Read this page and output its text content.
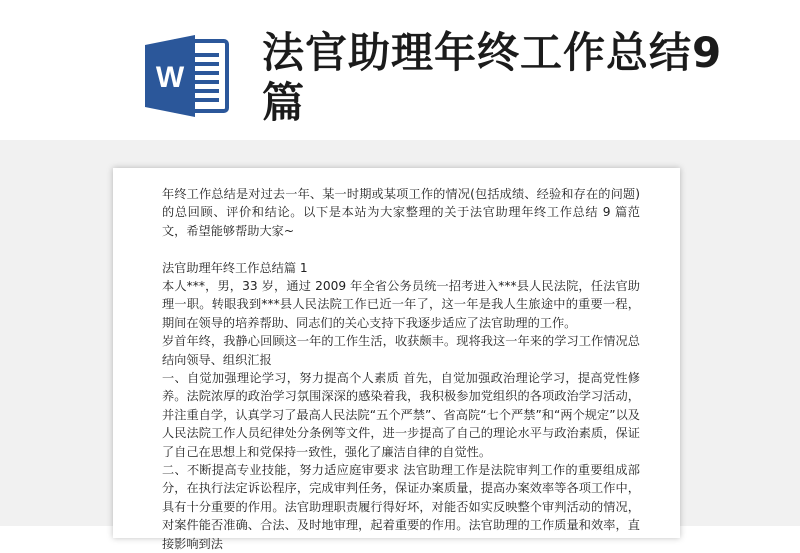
W
法官助理年终工作总结9篇

年终工作总结是对过去一年、某一时期或某项工作的情况(包括成绩、经验和存在的问题)的总回顾、评价和结论。以下是本站为大家整理的关于法官助理年终工作总结 9 篇范文，希望能够帮助大家~

法官助理年终工作总结篇 1

本人***，男，33 岁，通过 2009 年全省公务员统一招考进入***县人民法院，任法官助理一职。转眼我到***县人民法院工作已近一年了，这一年是我人生旅途中的重要一程，期间在领导的培养帮助、同志们的关心支持下我逐步适应了法官助理的工作。

岁首年终，我静心回顾这一年的工作生活，收获颇丰。现将我这一年来的学习工作情况总结向领导、组织汇报

一、自觉加强理论学习，努力提高个人素质 首先，自觉加强政治理论学习，提高党性修养。法院浓厚的政治学习氛围深深的感染着我，我积极参加党组织的各项政治学习活动，并注重自学，认真学习了最高人民法院“五个严禁”、省高院“七个严禁”和“两个规定”以及人民法院工作人员纪律处分条例等文件，进一步提高了自己的理论水平与政治素质，保证了自己在思想上和党保持一致性，强化了廉洁自律的自觉性。

二、不断提高专业技能，努力适应庭审要求 法官助理工作是法院审判工作的重要组成部分，在执行法定诉讼程序，完成审判任务，保证办案质量，提高办案效率等各项工作中，具有十分重要的作用。法官助理职责履行得好坏，对能否如实反映整个审判活动的情况，对案件能否准确、合法、及时地审理，起着重要的作用。法官助理的工作质量和效率，直接影响到法
